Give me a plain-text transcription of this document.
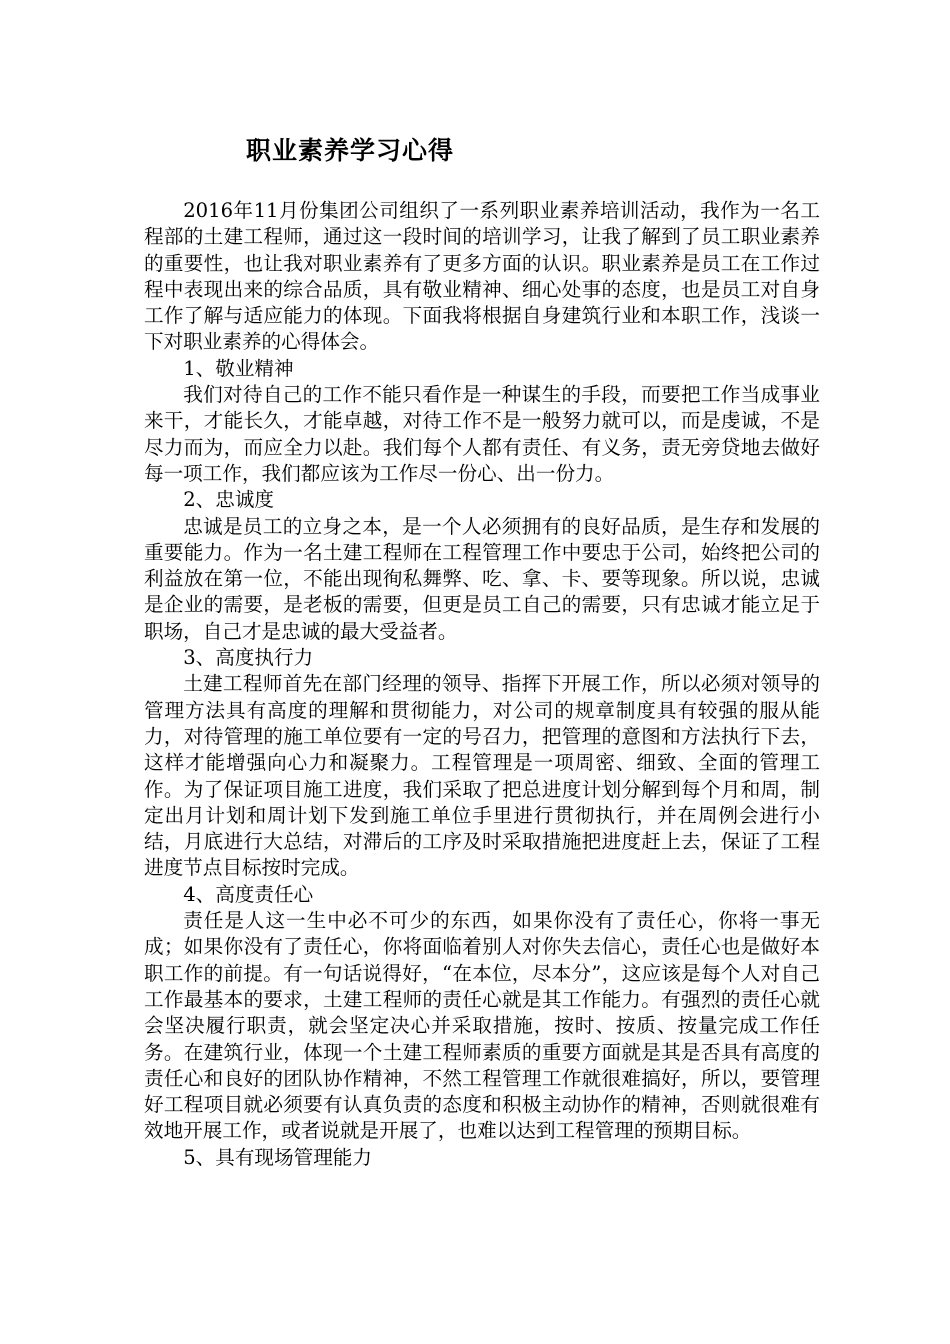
职业素养学习心得

2016年11月份集团公司组织了一系列职业素养培训活动，我作为一名工程部的土建工程师，通过这一段时间的培训学习，让我了解到了员工职业素养的重要性，也让我对职业素养有了更多方面的认识。职业素养是员工在工作过程中表现出来的综合品质，具有敬业精神、细心处事的态度，也是员工对自身工作了解与适应能力的体现。下面我将根据自身建筑行业和本职工作，浅谈一下对职业素养的心得体会。

1、敬业精神

我们对待自己的工作不能只看作是一种谋生的手段，而要把工作当成事业来干，才能长久，才能卓越，对待工作不是一般努力就可以，而是虔诚，不是尽力而为，而应全力以赴。我们每个人都有责任、有义务，责无旁贷地去做好每一项工作，我们都应该为工作尽一份心、出一份力。

2、忠诚度

忠诚是员工的立身之本，是一个人必须拥有的良好品质，是生存和发展的重要能力。作为一名土建工程师在工程管理工作中要忠于公司，始终把公司的利益放在第一位，不能出现徇私舞弊、吃、拿、卡、要等现象。所以说，忠诚是企业的需要，是老板的需要，但更是员工自己的需要，只有忠诚才能立足于职场，自己才是忠诚的最大受益者。

3、高度执行力

土建工程师首先在部门经理的领导、指挥下开展工作，所以必须对领导的管理方法具有高度的理解和贯彻能力，对公司的规章制度具有较强的服从能力，对待管理的施工单位要有一定的号召力，把管理的意图和方法执行下去，这样才能增强向心力和凝聚力。工程管理是一项周密、细致、全面的管理工作。为了保证项目施工进度，我们采取了把总进度计划分解到每个月和周，制定出月计划和周计划下发到施工单位手里进行贯彻执行，并在周例会进行小结，月底进行大总结，对滞后的工序及时采取措施把进度赶上去，保证了工程进度节点目标按时完成。

4、高度责任心

责任是人这一生中必不可少的东西，如果你没有了责任心，你将一事无成；如果你没有了责任心，你将面临着别人对你失去信心，责任心也是做好本职工作的前提。有一句话说得好，“在本位，尽本分”，这应该是每个人对自己工作最基本的要求，土建工程师的责任心就是其工作能力。有强烈的责任心就会坚决履行职责，就会坚定决心并采取措施，按时、按质、按量完成工作任务。在建筑行业，体现一个土建工程师素质的重要方面就是其是否具有高度的责任心和良好的团队协作精神，不然工程管理工作就很难搞好，所以，要管理好工程项目就必须要有认真负责的态度和积极主动协作的精神，否则就很难有效地开展工作，或者说就是开展了，也难以达到工程管理的预期目标。

5、具有现场管理能力
